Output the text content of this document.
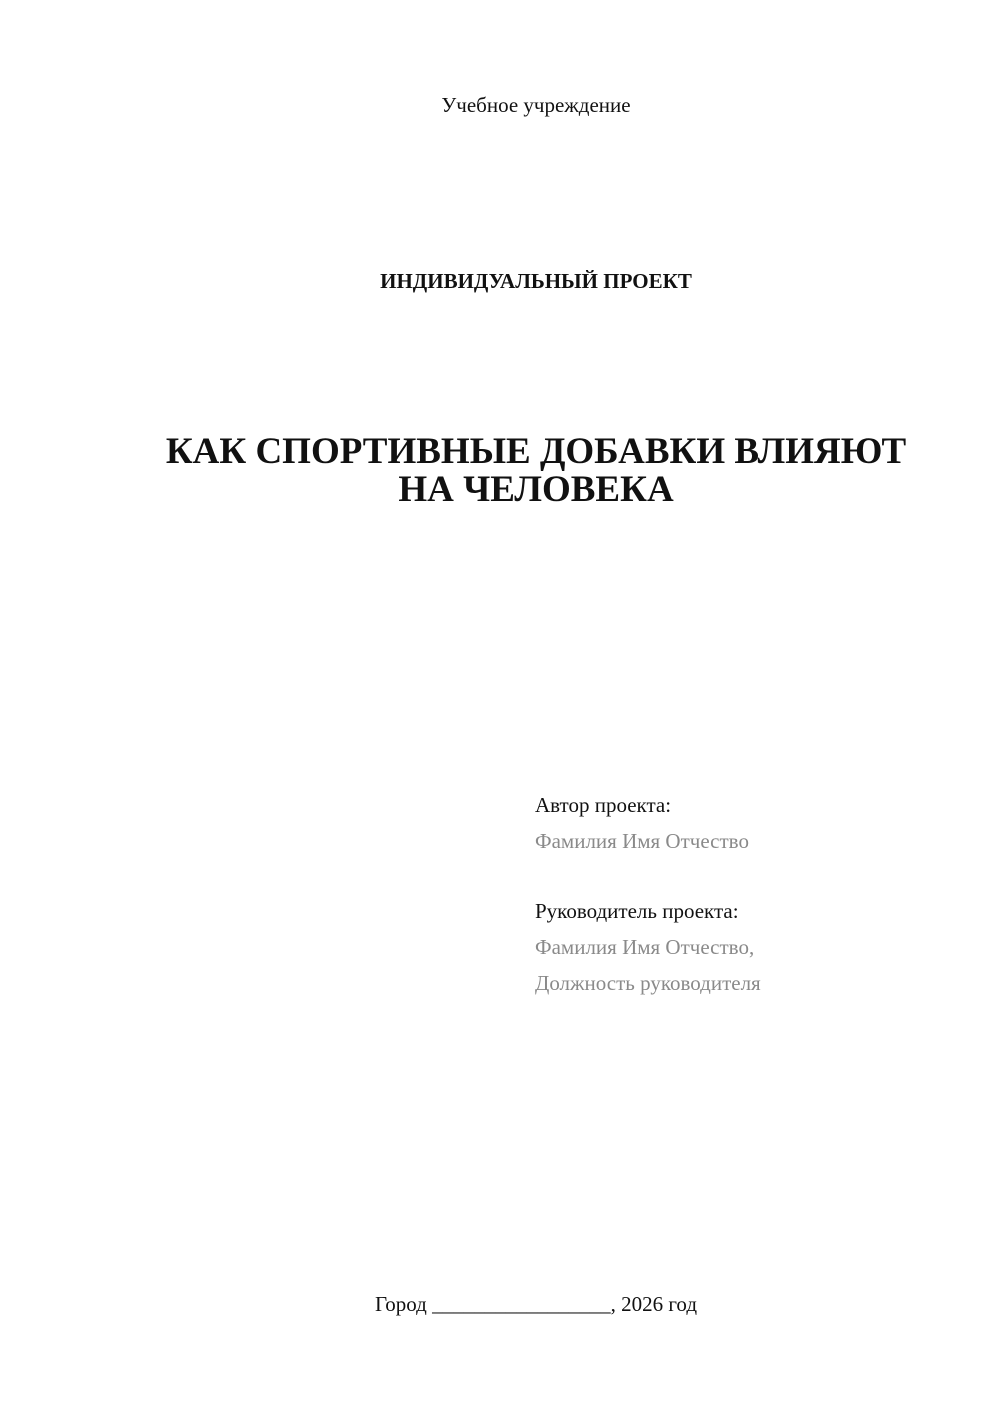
Учебное учреждение
ИНДИВИДУАЛЬНЫЙ ПРОЕКТ
КАК СПОРТИВНЫЕ ДОБАВКИ ВЛИЯЮТ
НА ЧЕЛОВЕКА
Автор проекта:
Фамилия Имя Отчество
Руководитель проекта:
Фамилия Имя Отчество,
Должность руководителя
Город _________________, 2026 год
